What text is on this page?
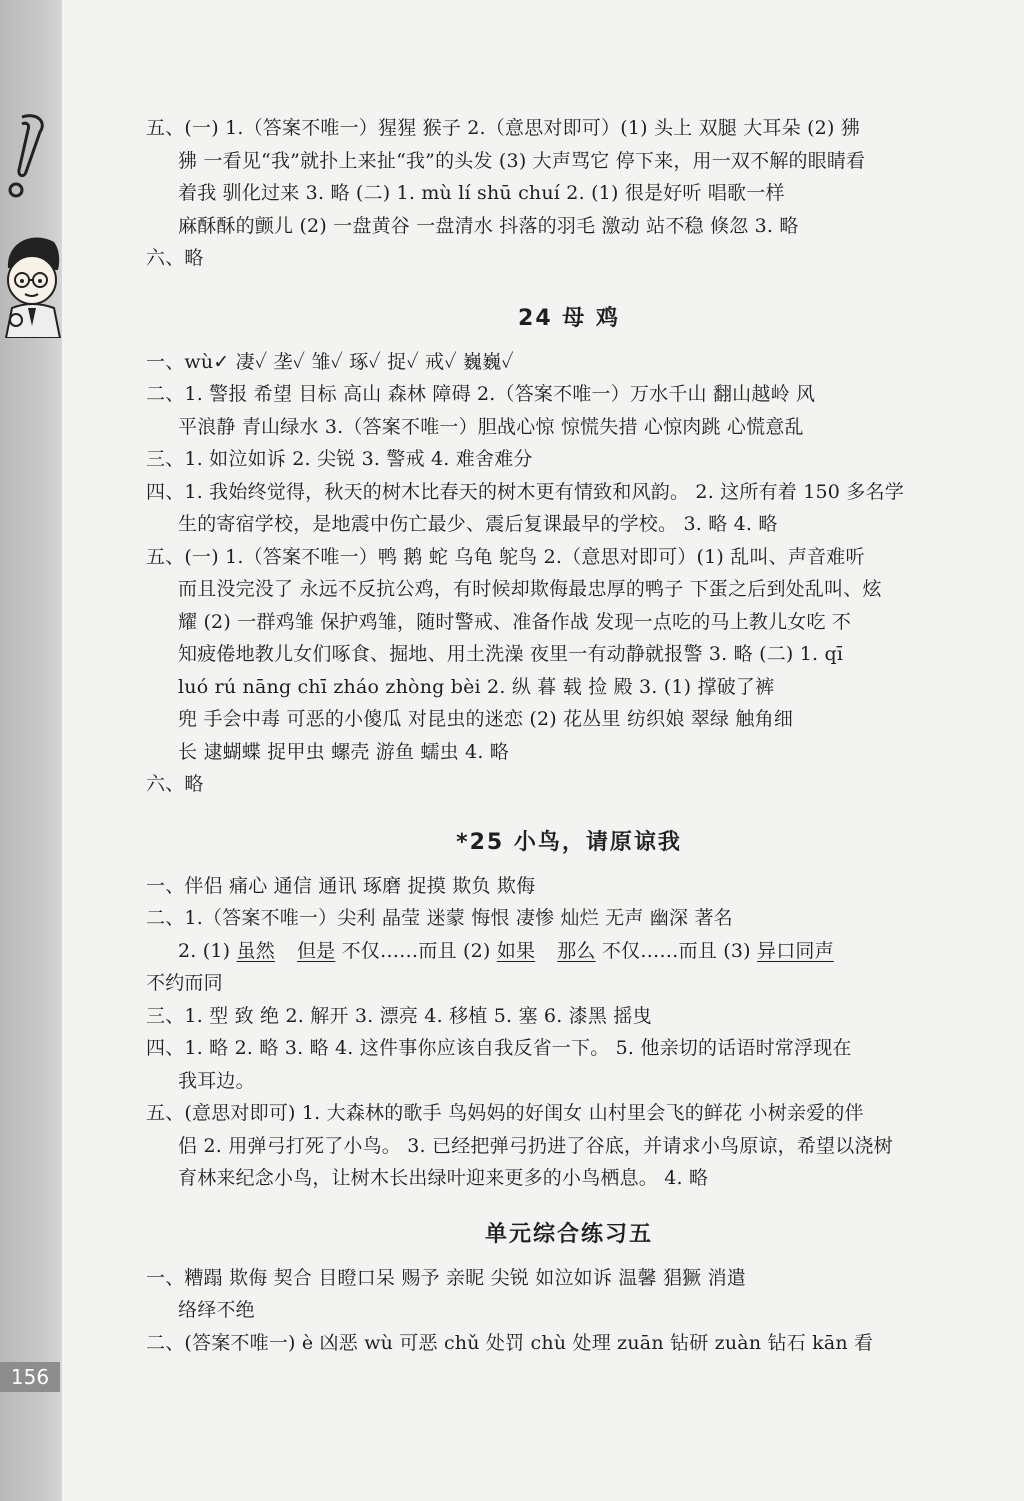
156
五、(一) 1.（答案不唯一）猩猩 猴子 2.（意思对即可）(1) 头上 双腿 大耳朵 (2) 狒
狒 一看见“我”就扑上来扯“我”的头发 (3) 大声骂它 停下来，用一双不解的眼睛看
着我 驯化过来 3. 略 (二) 1. mù lí shū chuí 2. (1) 很是好听 唱歌一样
麻酥酥的颤儿 (2) 一盘黄谷 一盘清水 抖落的羽毛 激动 站不稳 倏忽 3. 略
六、略
24 母 鸡
一、wù✓ 凄✓ 垄✓ 雏✓ 琢✓ 捉✓ 戒✓ 巍巍✓
二、1. 警报 希望 目标 高山 森林 障碍 2.（答案不唯一）万水千山 翻山越岭 风
平浪静 青山绿水 3.（答案不唯一）胆战心惊 惊慌失措 心惊肉跳 心慌意乱
三、1. 如泣如诉 2. 尖锐 3. 警戒 4. 难舍难分
四、1. 我始终觉得，秋天的树木比春天的树木更有情致和风韵。 2. 这所有着 150 多名学
生的寄宿学校，是地震中伤亡最少、震后复课最早的学校。 3. 略 4. 略
五、(一) 1.（答案不唯一）鸭 鹅 蛇 乌龟 鸵鸟 2.（意思对即可）(1) 乱叫、声音难听
而且没完没了 永远不反抗公鸡，有时候却欺侮最忠厚的鸭子 下蛋之后到处乱叫、炫
耀 (2) 一群鸡雏 保护鸡雏，随时警戒、准备作战 发现一点吃的马上教儿女吃 不
知疲倦地教儿女们啄食、掘地、用土洗澡 夜里一有动静就报警 3. 略 (二) 1. qī
luó rú nāng chī zháo zhòng bèi 2. 纵 暮 载 捡 殿 3. (1) 撑破了裤
兜 手会中毒 可恶的小傻瓜 对昆虫的迷恋 (2) 花丛里 纺织娘 翠绿 触角细
长 逮蝴蝶 捉甲虫 螺壳 游鱼 蠕虫 4. 略
六、略
*25 小鸟，请原谅我
一、伴侣 痛心 通信 通讯 琢磨 捉摸 欺负 欺侮
二、1.（答案不唯一）尖利 晶莹 迷蒙 悔恨 凄惨 灿烂 无声 幽深 著名
2. (1) 虽然 但是 不仅……而且 (2) 如果 那么 不仅……而且 (3) 异口同声
不约而同
三、1. 型 致 绝 2. 解开 3. 漂亮 4. 移植 5. 塞 6. 漆黑 摇曳
四、1. 略 2. 略 3. 略 4. 这件事你应该自我反省一下。 5. 他亲切的话语时常浮现在
我耳边。
五、(意思对即可) 1. 大森林的歌手 鸟妈妈的好闺女 山村里会飞的鲜花 小树亲爱的伴
侣 2. 用弹弓打死了小鸟。 3. 已经把弹弓扔进了谷底，并请求小鸟原谅，希望以浇树
育林来纪念小鸟，让树木长出绿叶迎来更多的小鸟栖息。 4. 略
单元综合练习五
一、糟蹋 欺侮 契合 目瞪口呆 赐予 亲昵 尖锐 如泣如诉 温馨 猖獗 消遣
络绎不绝
二、(答案不唯一) è 凶恶 wù 可恶 chǔ 处罚 chù 处理 zuān 钻研 zuàn 钻石 kān 看
